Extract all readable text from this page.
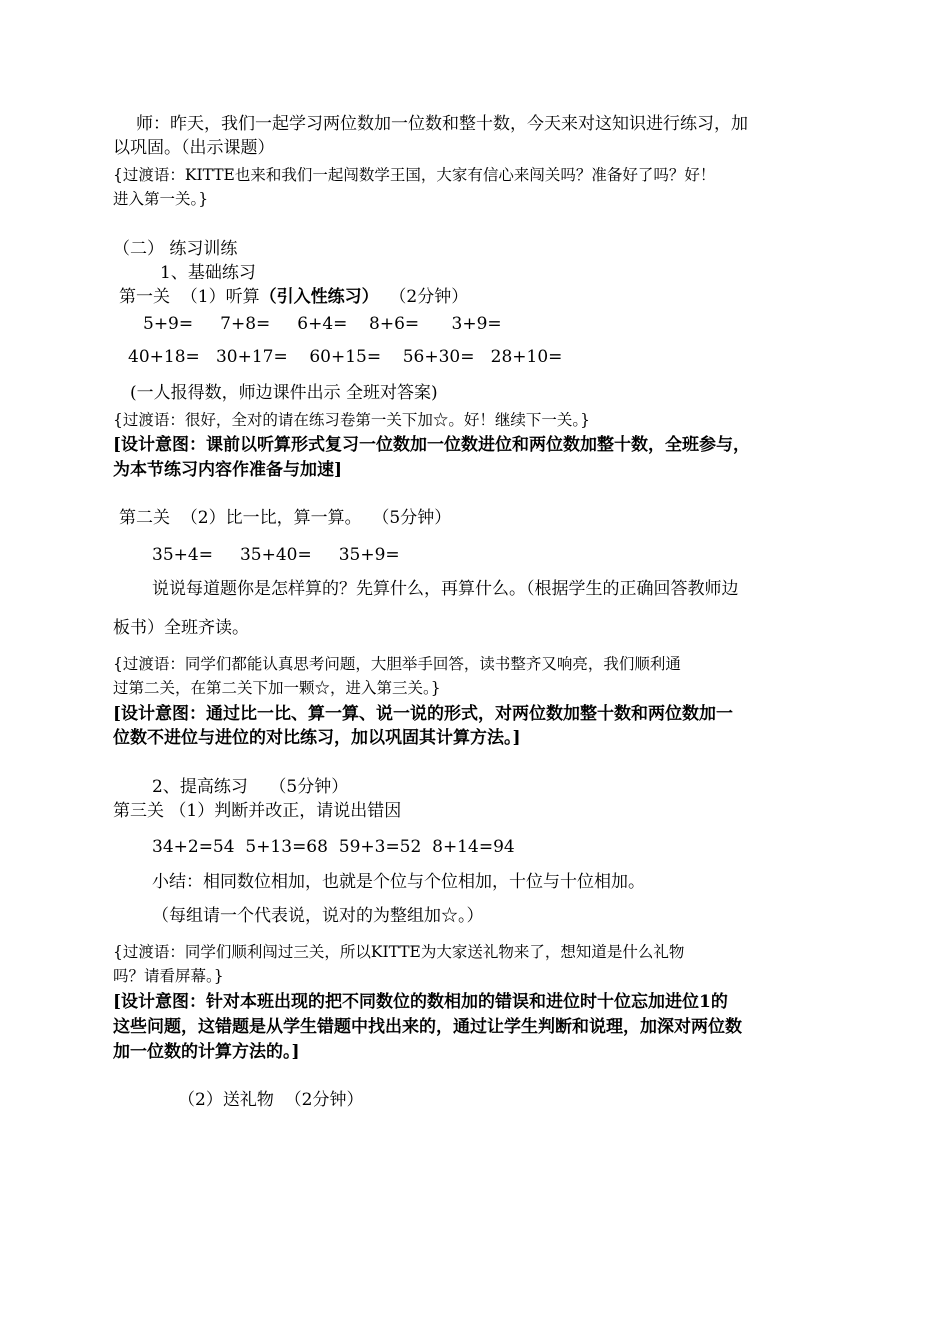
师：昨天，我们一起学习两位数加一位数和整十数，今天来对这知识进行练习，加
以巩固。（出示课题）
{过渡语：KITTE也来和我们一起闯数学王国，大家有信心来闯关吗？准备好了吗？好！
进入第一关。}
（二） 练习训练
1、基础练习
第一关  （1）听算（引入性练习）  （2分钟）
5+9=     7+8=     6+4=    8+6=      3+9=
40+18=   30+17=    60+15=    56+30=   28+10=
(一人报得数，师边课件出示 全班对答案)
{过渡语：很好，全对的请在练习卷第一关下加☆。好！继续下一关。}
[设计意图：课前以听算形式复习一位数加一位数进位和两位数加整十数，全班参与，
为本节练习内容作准备与加速]
第二关  （2）比一比，算一算。  （5分钟）
35+4=     35+40=     35+9=
说说每道题你是怎样算的？先算什么，再算什么。（根据学生的正确回答教师边
板书）全班齐读。
{过渡语：同学们都能认真思考问题，大胆举手回答，读书整齐又响亮，我们顺利通
过第二关，在第二关下加一颗☆，进入第三关。}
[设计意图：通过比一比、算一算、说一说的形式，对两位数加整十数和两位数加一
位数不进位与进位的对比练习，加以巩固其计算方法。]
2、提高练习    （5分钟）
第三关 （1）判断并改正，请说出错因
34+2=54  5+13=68  59+3=52  8+14=94
小结：相同数位相加，也就是个位与个位相加，十位与十位相加。
（每组请一个代表说，说对的为整组加☆。）
{过渡语：同学们顺利闯过三关，所以KITTE为大家送礼物来了，想知道是什么礼物
吗？请看屏幕。}
[设计意图：针对本班出现的把不同数位的数相加的错误和进位时十位忘加进位1的
这些问题，这错题是从学生错题中找出来的，通过让学生判断和说理，加深对两位数
加一位数的计算方法的。]
（2）送礼物  （2分钟）
